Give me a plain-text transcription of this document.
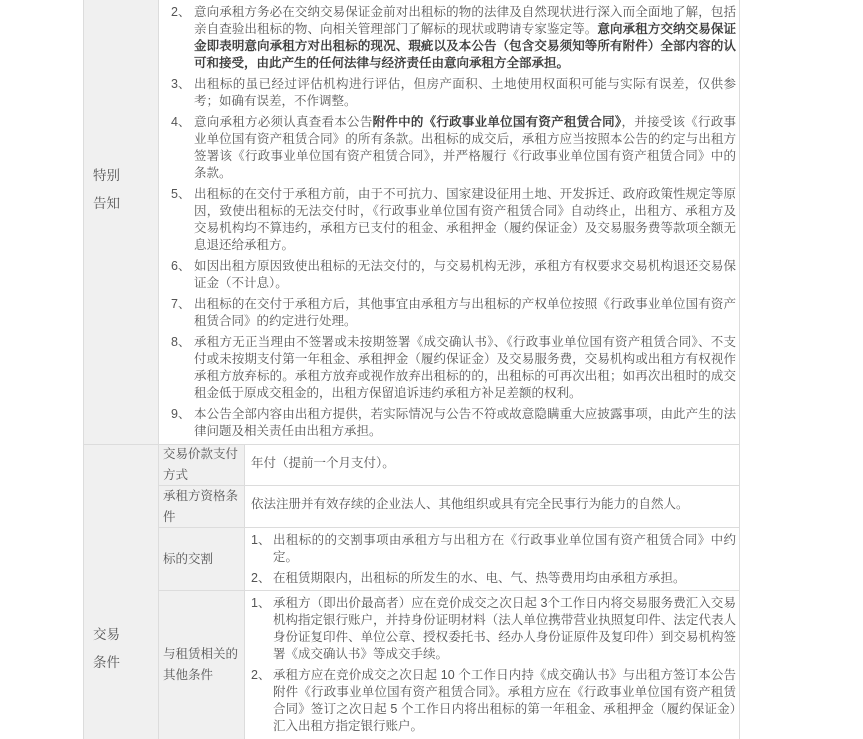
特别告知
2、 意向承租方务必在交纳交易保证金前对出租标的物的法律及自然现状进行深入而全面地了解，包括亲自查验出租标的物、向相关管理部门了解标的现状或聘请专家鉴定等。意向承租方交纳交易保证金即表明意向承租方对出租标的现况、瑕疵以及本公告（包含交易须知等所有附件）全部内容的认可和接受，由此产生的任何法律与经济责任由意向承租方全部承担。
3、 出租标的虽已经过评估机构进行评估，但房产面积、土地使用权面积可能与实际有误差，仅供参考；如确有误差，不作调整。
4、 意向承租方必须认真查看本公告附件中的《行政事业单位国有资产租赁合同》，并接受该《行政事业单位国有资产租赁合同》的所有条款。出租标的成交后，承租方应当按照本公告的约定与出租方签署该《行政事业单位国有资产租赁合同》，并严格履行《行政事业单位国有资产租赁合同》中的条款。
5、 出租标的在交付于承租方前，由于不可抗力、国家建设征用土地、开发拆迁、政府政策性规定等原因，致使出租标的无法交付时，《行政事业单位国有资产租赁合同》自动终止，出租方、承租方及交易机构均不算违约，承租方已支付的租金、承租押金（履约保证金）及交易服务费等款项全额无息退还给承租方。
6、 如因出租方原因致使出租标的无法交付的，与交易机构无涉，承租方有权要求交易机构退还交易保证金（不计息）。
7、 出租标的在交付于承租方后，其他事宜由承租方与出租标的产权单位按照《行政事业单位国有资产租赁合同》的约定进行处理。
8、 承租方无正当理由不签署或未按期签署《成交确认书》、《行政事业单位国有资产租赁合同》、不支付或未按期支付第一年租金、承租押金（履约保证金）及交易服务费，交易机构或出租方有权视作承租方放弃标的。承租方放弃或视作放弃出租标的的，出租标的可再次出租；如再次出租时的成交租金低于原成交租金的，出租方保留追诉违约承租方补足差额的权利。
9、 本公告全部内容由出租方提供，若实际情况与公告不符或故意隐瞒重大应披露事项，由此产生的法律问题及相关责任由出租方承担。
交易条件
交易价款支付方式
年付（提前一个月支付）。
承租方资格条件
依法注册并有效存续的企业法人、其他组织或具有完全民事行为能力的自然人。
标的交割
1、 出租标的的交割事项由承租方与出租方在《行政事业单位国有资产租赁合同》中约定。
2、 在租赁期限内，出租标的所发生的水、电、气、热等费用均由承租方承担。
与租赁相关的其他条件
1、 承租方（即出价最高者）应在竞价成交之次日起 3个工作日内将交易服务费汇入交易机构指定银行账户，并持身份证明材料（法人单位携带营业执照复印件、法定代表人身份证复印件、单位公章、授权委托书、经办人身份证原件及复印件）到交易机构签署《成交确认书》等成交手续。
2、 承租方应在竞价成交之次日起 10 个工作日内持《成交确认书》与出租方签订本公告附件《行政事业单位国有资产租赁合同》。承租方应在《行政事业单位国有资产租赁合同》签订之次日起 5 个工作日内将出租标的第一年租金、承租押金（履约保证金）汇入出租方指定银行账户。
